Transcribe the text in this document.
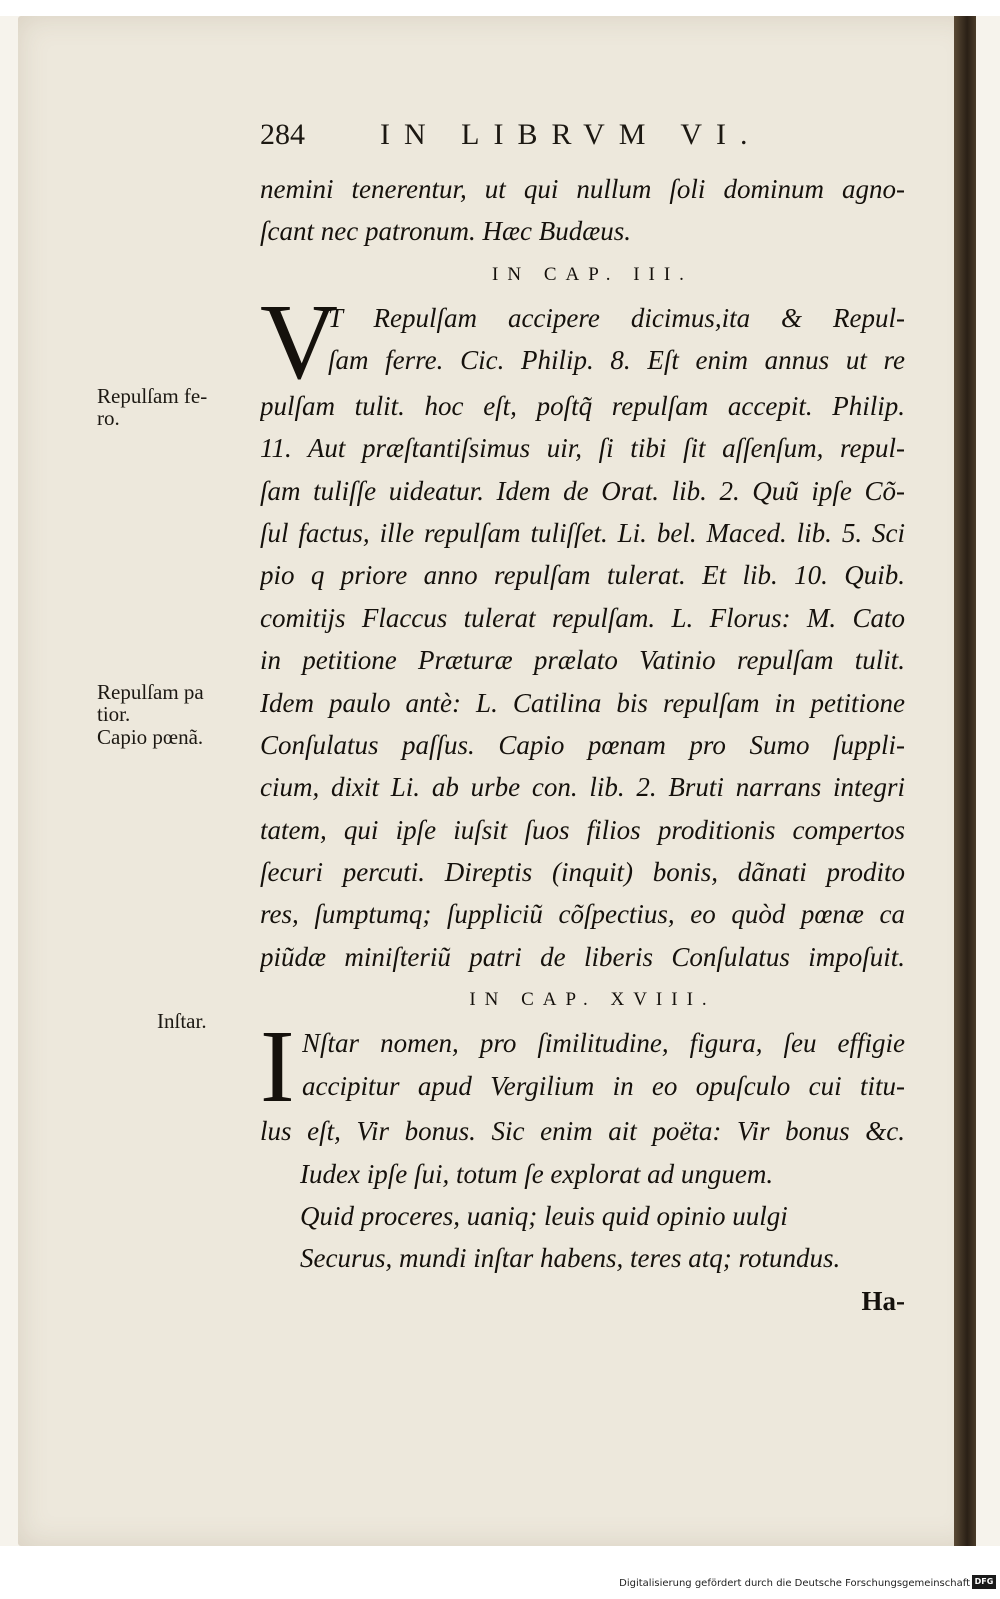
284	IN LIBRVM VI.
Repulſam fe-
ro.
Repulſam pa
tior.
Capio pœnã.
Inſtar.
nemini tenerentur, ut qui nullum ſoli dominum agno-
ſcant nec patronum. Hæc Budæus.
IN CAP. III.
V
T Repulſam accipere dicimus,ita & Repul-
ſam ferre. Cic. Philip. 8. Eſt enim annus ut re
pulſam tulit. hoc eſt, poſtq̃ repulſam accepit. Philip.
11. Aut præſtantiſsimus uir, ſi tibi ſit aſſenſum, repul-
ſam tuliſſe uideatur. Idem de Orat. lib. 2. Quũ ipſe Cõ-
ſul factus, ille repulſam tuliſſet. Li. bel. Maced. lib. 5. Sci
pio q priore anno repulſam tulerat. Et lib. 10. Quib.
comitijs Flaccus tulerat repulſam. L. Florus: M. Cato
in petitione Præturæ prælato Vatinio repulſam tulit.
Idem paulo antè: L. Catilina bis repulſam in petitione
Conſulatus paſſus. Capio pœnam pro Sumo ſuppli-
cium, dixit Li. ab urbe con. lib. 2. Bruti narrans integri
tatem, qui ipſe iuſsit ſuos filios proditionis compertos
ſecuri percuti. Direptis (inquit) bonis, dãnati prodito
res, ſumptumq; ſuppliciũ cõſpectius, eo quòd pœnæ ca
piũdæ miniſteriũ patri de liberis Conſulatus impoſuit.
IN CAP. XVIII.
I Nſtar nomen, pro ſimilitudine, figura, ſeu effigie
accipitur apud Vergilium in eo opuſculo cui titu-
lus eſt, Vir bonus. Sic enim ait poëta: Vir bonus &c.
Iudex ipſe ſui, totum ſe explorat ad unguem.
Quid proceres, uaniq; leuis quid opinio uulgi
Securus, mundi inſtar habens, teres atq; rotundus.
Ha-
Digitalisierung gefördert durch die Deutsche Forschungsgemeinschaft DFG
